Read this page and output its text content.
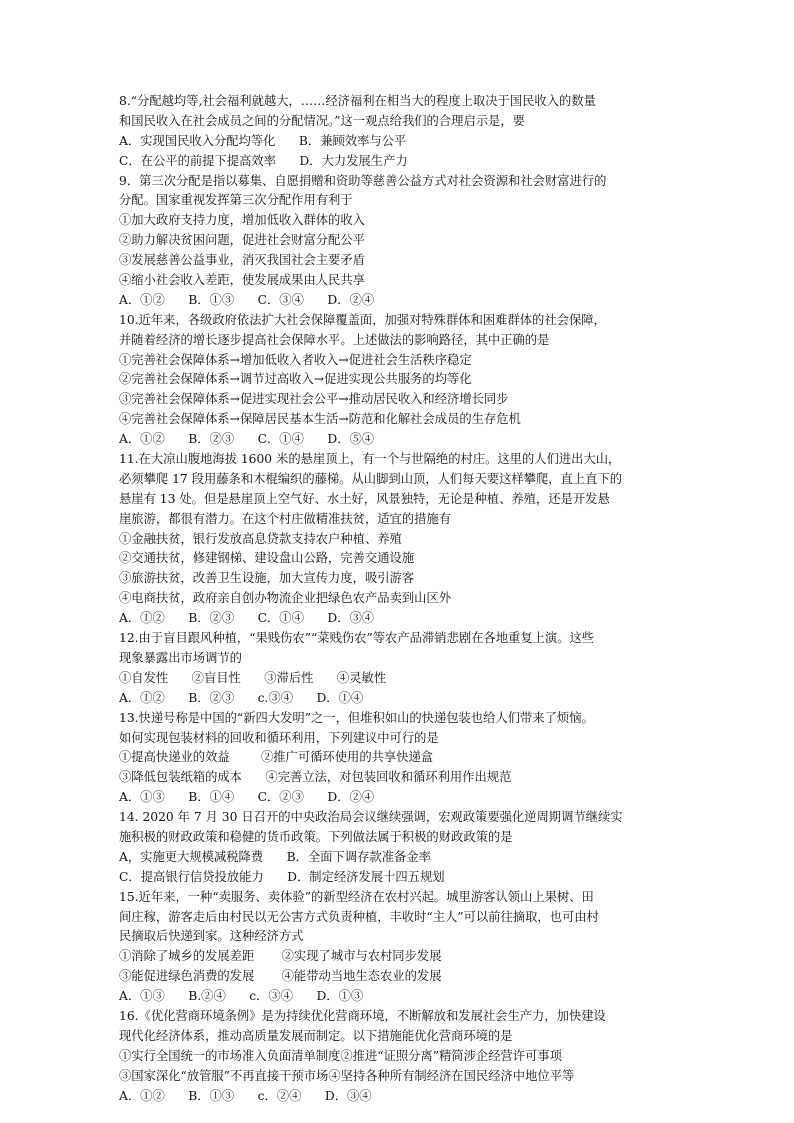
8.“分配越均等,社会福利就越大，……经济福利在相当大的程度上取决于国民收入的数量
和国民收入在社会成员之间的分配情况。”这一观点给我们的合理启示是，要
A．实现国民收入分配均等化      B．兼顾效率与公平
C．在公平的前提下提高效率      D．大力发展生产力
9．第三次分配是指以募集、自愿捐赠和资助等慈善公益方式对社会资源和社会财富进行的
分配。国家重视发挥第三次分配作用有利于
①加大政府支持力度，增加低收入群体的收入
②助力解决贫困问题，促进社会财富分配公平
③发展慈善公益事业，消灭我国社会主要矛盾
④缩小社会收入差距，使发展成果由人民共享
A．①②      B．①③      C．③④      D．②④
10.近年来，各级政府依法扩大社会保障覆盖面，加强对特殊群体和困难群体的社会保障，
并随着经济的增长逐步提高社会保障水平。上述做法的影响路径，其中正确的是
①完善社会保障体系→增加低收入者收入→促进社会生活秩序稳定
②完善社会保障体系→调节过高收入→促进实现公共服务的均等化
③完善社会保障体系→促进实现社会公平→推动居民收入和经济增长同步
④完善社会保障体系→保障居民基本生活→防范和化解社会成员的生存危机
A．①②      B．②③      C．①④      D．⑤④
11.在大凉山腹地海拔 1600 米的悬崖顶上，有一个与世隔绝的村庄。这里的人们进出大山，
必须攀爬 17 段用藤条和木棍编织的藤梯。从山脚到山顶，人们每天要这样攀爬，直上直下的
悬崖有 13 处。但是悬崖顶上空气好、水土好，风景独特，无论是种植、养殖，还是开发悬
崖旅游，都很有潜力。在这个村庄做精准扶贫，适宜的措施有
①金融扶贫，银行发放高息贷款支持农户种植、养殖
②交通扶贫，修建钢梯、建设盘山公路，完善交通设施
③旅游扶贫，改善卫生设施，加大宣传力度，吸引游客
④电商扶贫，政府亲自创办物流企业把绿色农产品卖到山区外
A．①②      B．②③      C．①④      D．③④
12.由于盲目跟风种植，“果贱伤农”“菜贱伤农”等农产品滞销悲剧在各地重复上演。这些
现象暴露出市场调节的
①自发性      ②盲目性      ③滞后性      ④灵敏性
A．①②      B．②③      c.③④      D．①④
13.快递号称是中国的“新四大发明”之一，但堆积如山的快递包装也给人们带来了烦恼。
如何实现包装材料的回收和循环利用，下列建议中可行的是
①提高快递业的效益        ②推广可循环使用的共享快递盒
③降低包装纸箱的成本      ④完善立法，对包装回收和循环利用作出规范
A．①③      B．①④      C．②③      D．②④
14. 2020 年 7 月 30 日召开的中央政治局会议继续强调，宏观政策要强化逆周期调节继续实
施积极的财政政策和稳健的货币政策。下列做法属于积极的财政政策的是
A，实施更大规模减税降费      B．全面下调存款准备金率
C．提高银行信贷投放能力      D．制定经济发展十四五规划
15.近年来，一种“卖服务、卖体验”的新型经济在农村兴起。城里游客认领山上果树、田
间庄稼，游客走后由村民以无公害方式负责种植，丰收时“主人”可以前往摘取，也可由村
民摘取后快递到家。这种经济方式
①消除了城乡的发展差距       ②实现了城市与农村同步发展
③能促进绿色消费的发展       ④能带动当地生态农业的发展
A．①③      B.②④      c．③④      D．①③
16.《优化营商环境条例》是为持续优化营商环境，不断解放和发展社会生产力，加快建设
现代化经济体系，推动高质量发展而制定。以下措施能优化营商环境的是
①实行全国统一的市场准入负面清单制度②推进“证照分离”精简涉企经营许可事项
③国家深化“放管服”不再直接干预市场④坚持各种所有制经济在国民经济中地位平等
A．①②      B．①③      c．②④      D．③④
